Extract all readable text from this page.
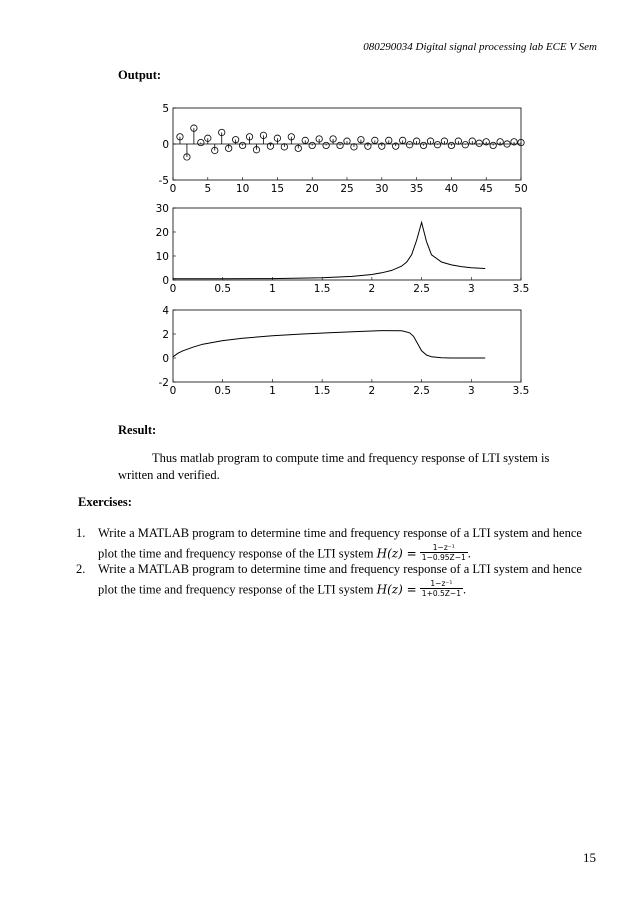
080290034 Digital signal processing lab ECE V Sem
Output:
0	5 10 15 20 25 30 35 40 45 50
5
0
-5
0	0.5	1	1.5	2	2.5	3	3.5
30
20
10
0
0	0.5	1	1.5	2	2.5	3	3.5
4
2
0
-2
Result:
Thus matlab program to compute time and frequency response of LTI system is
written and verified.
Exercises:
1. Write a MATLAB program to determine time and frequency response of a LTI system and hence
plot the time and frequency response of the LTI system $H(z) = \frac{\text{1−z⁻¹}}{1-0.95Z-1}$ .
2. Write a MATLAB program to determine time and frequency response of a LTI system and hence
plot the time and frequency response of the LTI system $H(z) = \frac{\text{1−z⁻¹}}{1+0.5Z-1}$ .
15
